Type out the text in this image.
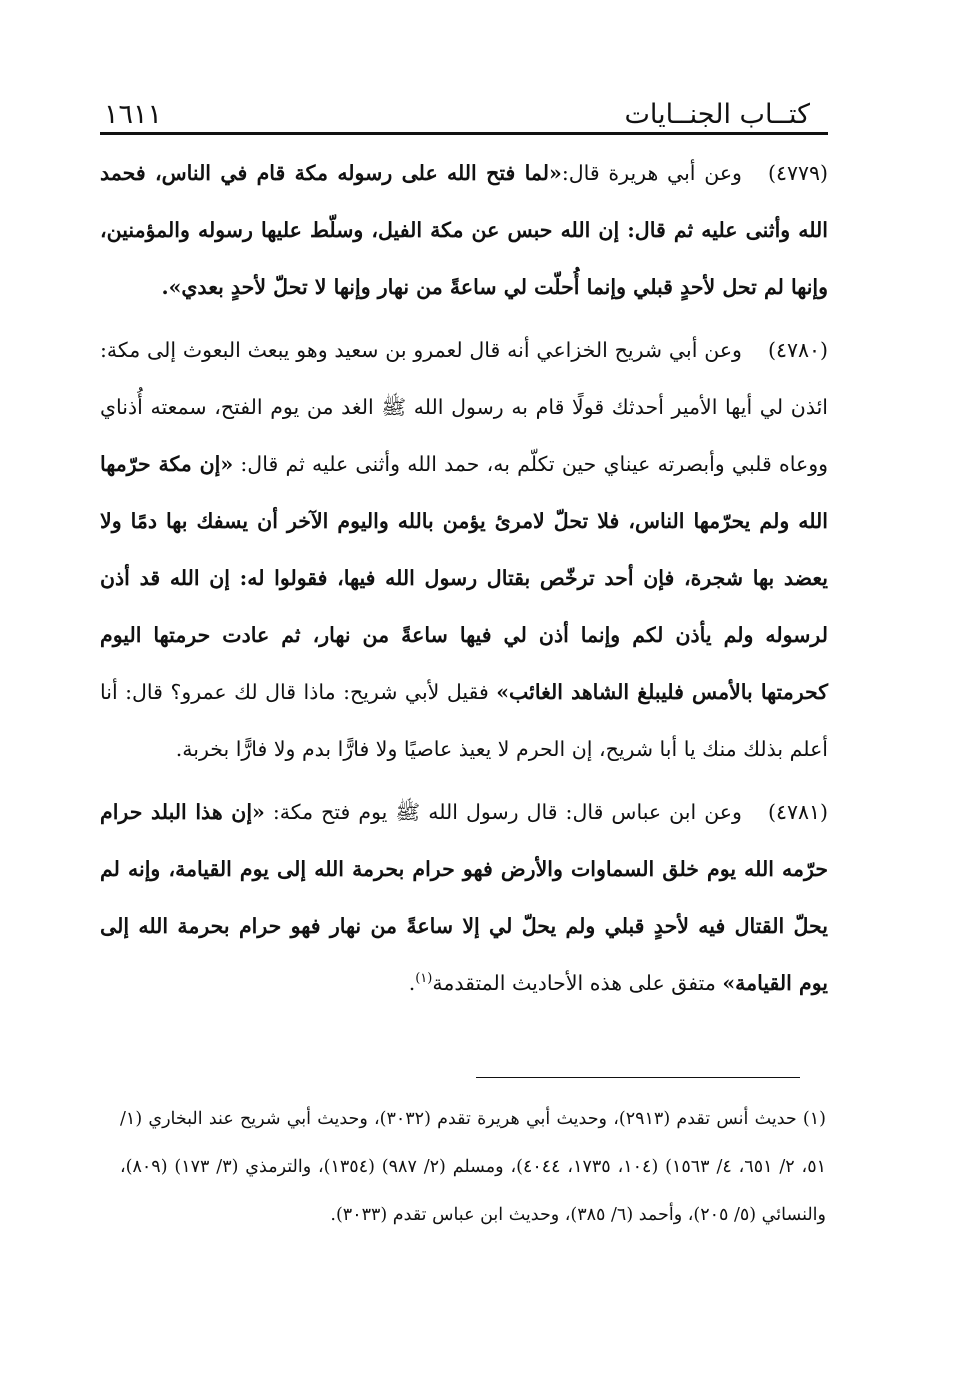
كتــاب الجنــايات
١٦١١

(٤٧٧٩)وعن أبي هريرة قال:«لما فتح الله على رسوله مكة قام في الناس، فحمد الله وأثنى عليه ثم قال: إن الله حبس عن مكة الفيل، وسلّط عليها رسوله والمؤمنين، وإنها لم تحل لأحدٍ قبلي وإنما أُحلّت لي ساعةً من نهار وإنها لا تحلّ لأحدٍ بعدي».

(٤٧٨٠)وعن أبي شريح الخزاعي أنه قال لعمرو بن سعيد وهو يبعث البعوث إلى مكة: ائذن لي أيها الأمير أحدثك قولًا قام به رسول الله ﷺ الغد من يوم الفتح، سمعته أُذناي ووعاه قلبي وأبصرته عيناي حين تكلّم به، حمد الله وأثنى عليه ثم قال: «إن مكة حرّمها الله ولم يحرّمها الناس، فلا تحلّ لامرئ يؤمن بالله واليوم الآخر أن يسفك بها دمًا ولا يعضد بها شجرة، فإن أحد ترخّص بقتال رسول الله فيها، فقولوا له: إن الله قد أذن لرسوله ولم يأذن لكم وإنما أذن لي فيها ساعةً من نهار، ثم عادت حرمتها اليوم كحرمتها بالأمس فليبلغ الشاهد الغائب» فقيل لأبي شريح: ماذا قال لك عمرو؟ قال: أنا أعلم بذلك منك يا أبا شريح، إن الحرم لا يعيذ عاصيًا ولا فارًّا بدم ولا فارًّا بخربة.

(٤٧٨١)وعن ابن عباس قال: قال رسول الله ﷺ يوم فتح مكة: «إن هذا البلد حرام حرّمه الله يوم خلق السماوات والأرض فهو حرام بحرمة الله إلى يوم القيامة، وإنه لم يحلّ القتال فيه لأحدٍ قبلي ولم يحلّ لي إلا ساعةً من نهار فهو حرام بحرمة الله إلى يوم القيامة» متفق على هذه الأحاديث المتقدمة$^{(١)}$.

(١) حديث أنس تقدم (٢٩١٣)، وحديث أبي هريرة تقدم (٣٠٣٢)، وحديث أبي شريح عند البخاري (١/ ٥١، ٢/ ٦٥١، ٤/ ١٥٦٣) (١٠٤، ١٧٣٥، ٤٠٤٤)، ومسلم (٢/ ٩٨٧) (١٣٥٤)، والترمذي (٣/ ١٧٣) (٨٠٩)، والنسائي (٥/ ٢٠٥)، وأحمد (٦/ ٣٨٥)، وحديث ابن عباس تقدم (٣٠٣٣).
